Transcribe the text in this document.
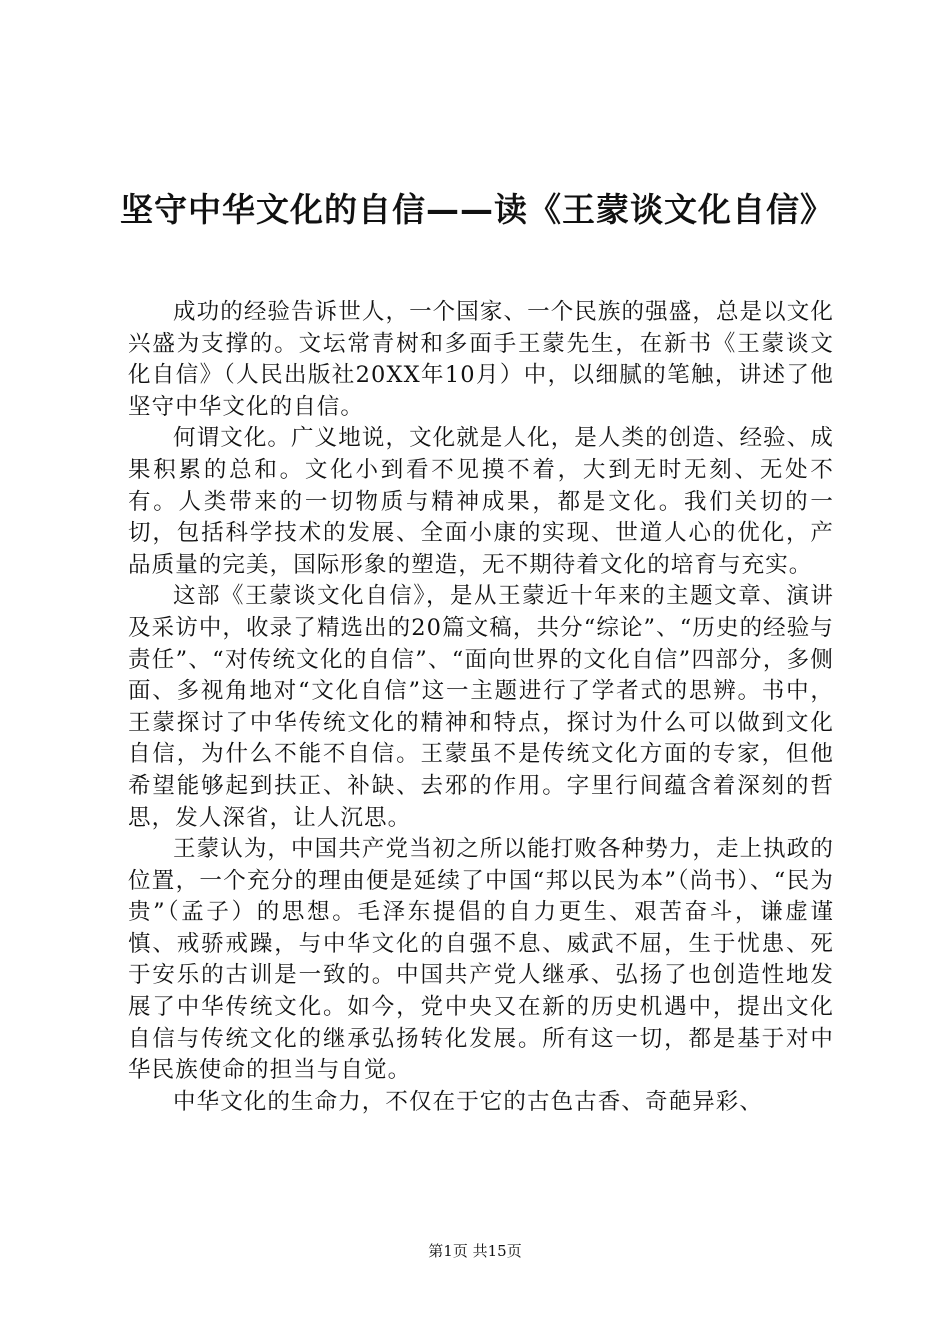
坚守中华文化的自信——读《王蒙谈文化自信》

成功的经验告诉世人，一个国家、一个民族的强盛，总是以文化兴盛为支撑的。文坛常青树和多面手王蒙先生，在新书《王蒙谈文化自信》（人民出版社20XX年10月）中，以细腻的笔触，讲述了他坚守中华文化的自信。

何谓文化。广义地说，文化就是人化，是人类的创造、经验、成果积累的总和。文化小到看不见摸不着，大到无时无刻、无处不有。人类带来的一切物质与精神成果，都是文化。我们关切的一切，包括科学技术的发展、全面小康的实现、世道人心的优化，产品质量的完美，国际形象的塑造，无不期待着文化的培育与充实。

这部《王蒙谈文化自信》，是从王蒙近十年来的主题文章、演讲及采访中，收录了精选出的20篇文稿，共分“综论”、“历史的经验与责任”、“对传统文化的自信”、“面向世界的文化自信”四部分，多侧面、多视角地对“文化自信”这一主题进行了学者式的思辨。书中，王蒙探讨了中华传统文化的精神和特点，探讨为什么可以做到文化自信，为什么不能不自信。王蒙虽不是传统文化方面的专家，但他希望能够起到扶正、补缺、去邪的作用。字里行间蕴含着深刻的哲思，发人深省，让人沉思。

王蒙认为，中国共产党当初之所以能打败各种势力，走上执政的位置，一个充分的理由便是延续了中国“邦以民为本”（尚书）、“民为贵”（孟子）的思想。毛泽东提倡的自力更生、艰苦奋斗，谦虚谨慎、戒骄戒躁，与中华文化的自强不息、威武不屈，生于忧患、死于安乐的古训是一致的。中国共产党人继承、弘扬了也创造性地发展了中华传统文化。如今，党中央又在新的历史机遇中，提出文化自信与传统文化的继承弘扬转化发展。所有这一切，都是基于对中华民族使命的担当与自觉。

中华文化的生命力，不仅在于它的古色古香、奇葩异彩、

第1页 共15页
